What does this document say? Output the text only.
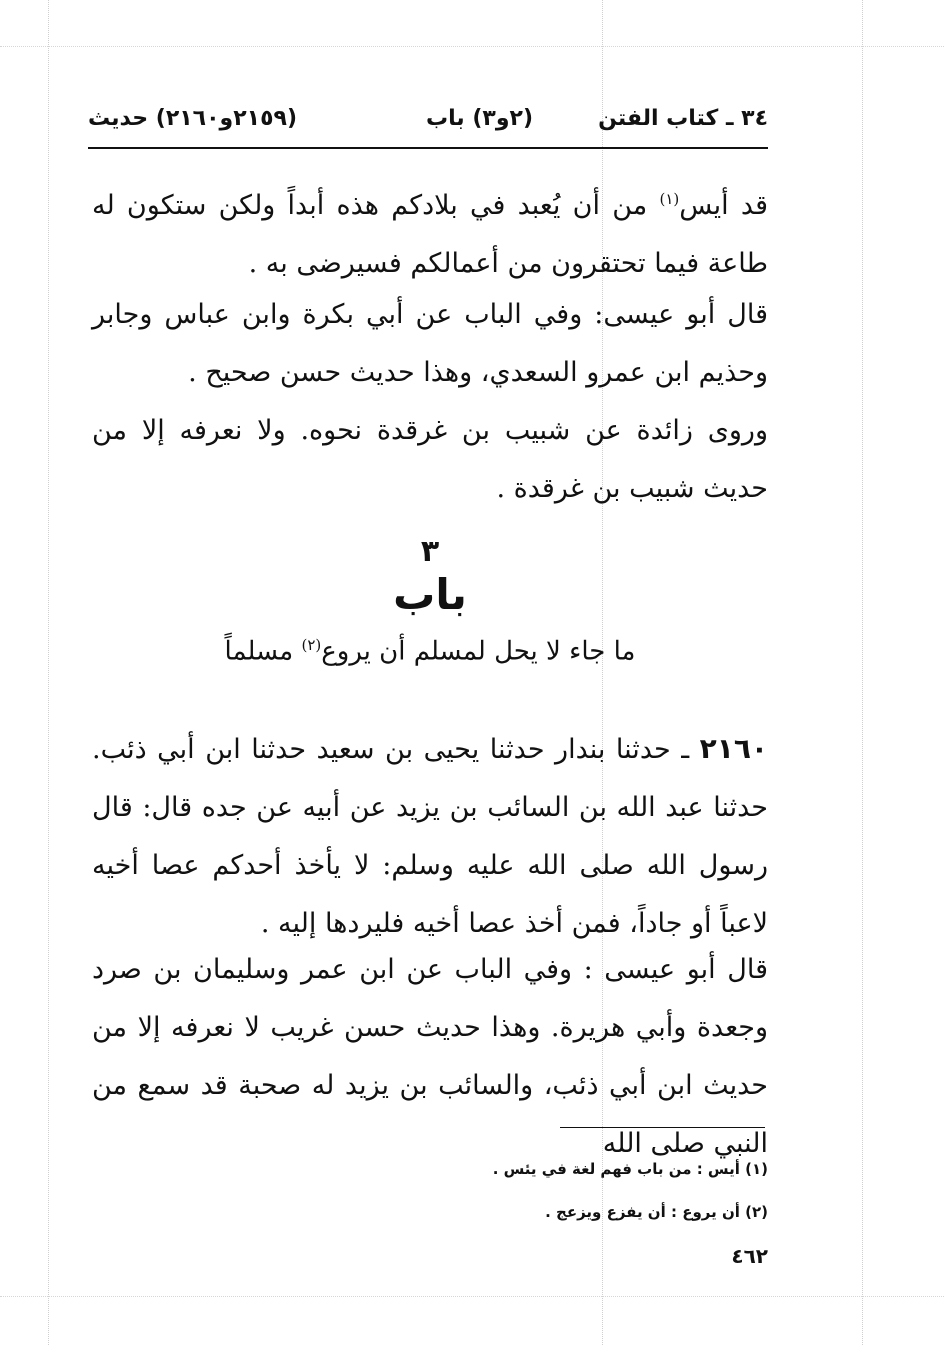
٣٤ ـ كتاب الفتن
(٢و٣) باب
(٢١٥٩و٢١٦٠) حديث
قد أيس$^{(١)}$ من أن يُعبد في بلادكم هذه أبداً ولكن ستكون له طاعة فيما تحتقرون من أعمالكم فسيرضى به .
قال أبو عيسى: وفي الباب عن أبي بكرة وابن عباس وجابر وحذيم ابن عمرو السعدي، وهذا حديث حسن صحيح .
وروى زائدة عن شبيب بن غرقدة نحوه. ولا نعرفه إلا من حديث شبيب بن غرقدة .
٣
باب
ما جاء لا يحل لمسلم أن يروع$^{(٢)}$ مسلماً
٢١٦٠ ـ حدثنا بندار حدثنا يحيى بن سعيد حدثنا ابن أبي ذئب. حدثنا عبد الله بن السائب بن يزيد عن أبيه عن جده قال: قال رسول الله صلى الله عليه وسلم: لا يأخذ أحدكم عصا أخيه لاعباً أو جاداً، فمن أخذ عصا أخيه فليردها إليه .
قال أبو عيسى : وفي الباب عن ابن عمر وسليمان بن صرد وجعدة وأبي هريرة. وهذا حديث حسن غريب لا نعرفه إلا من حديث ابن أبي ذئب، والسائب بن يزيد له صحبة قد سمع من النبي صلى الله
(١) أيس : من باب فهم لغة في يئس .
(٢) أن يروع : أن يفزع ويزعج .
٤٦٢
